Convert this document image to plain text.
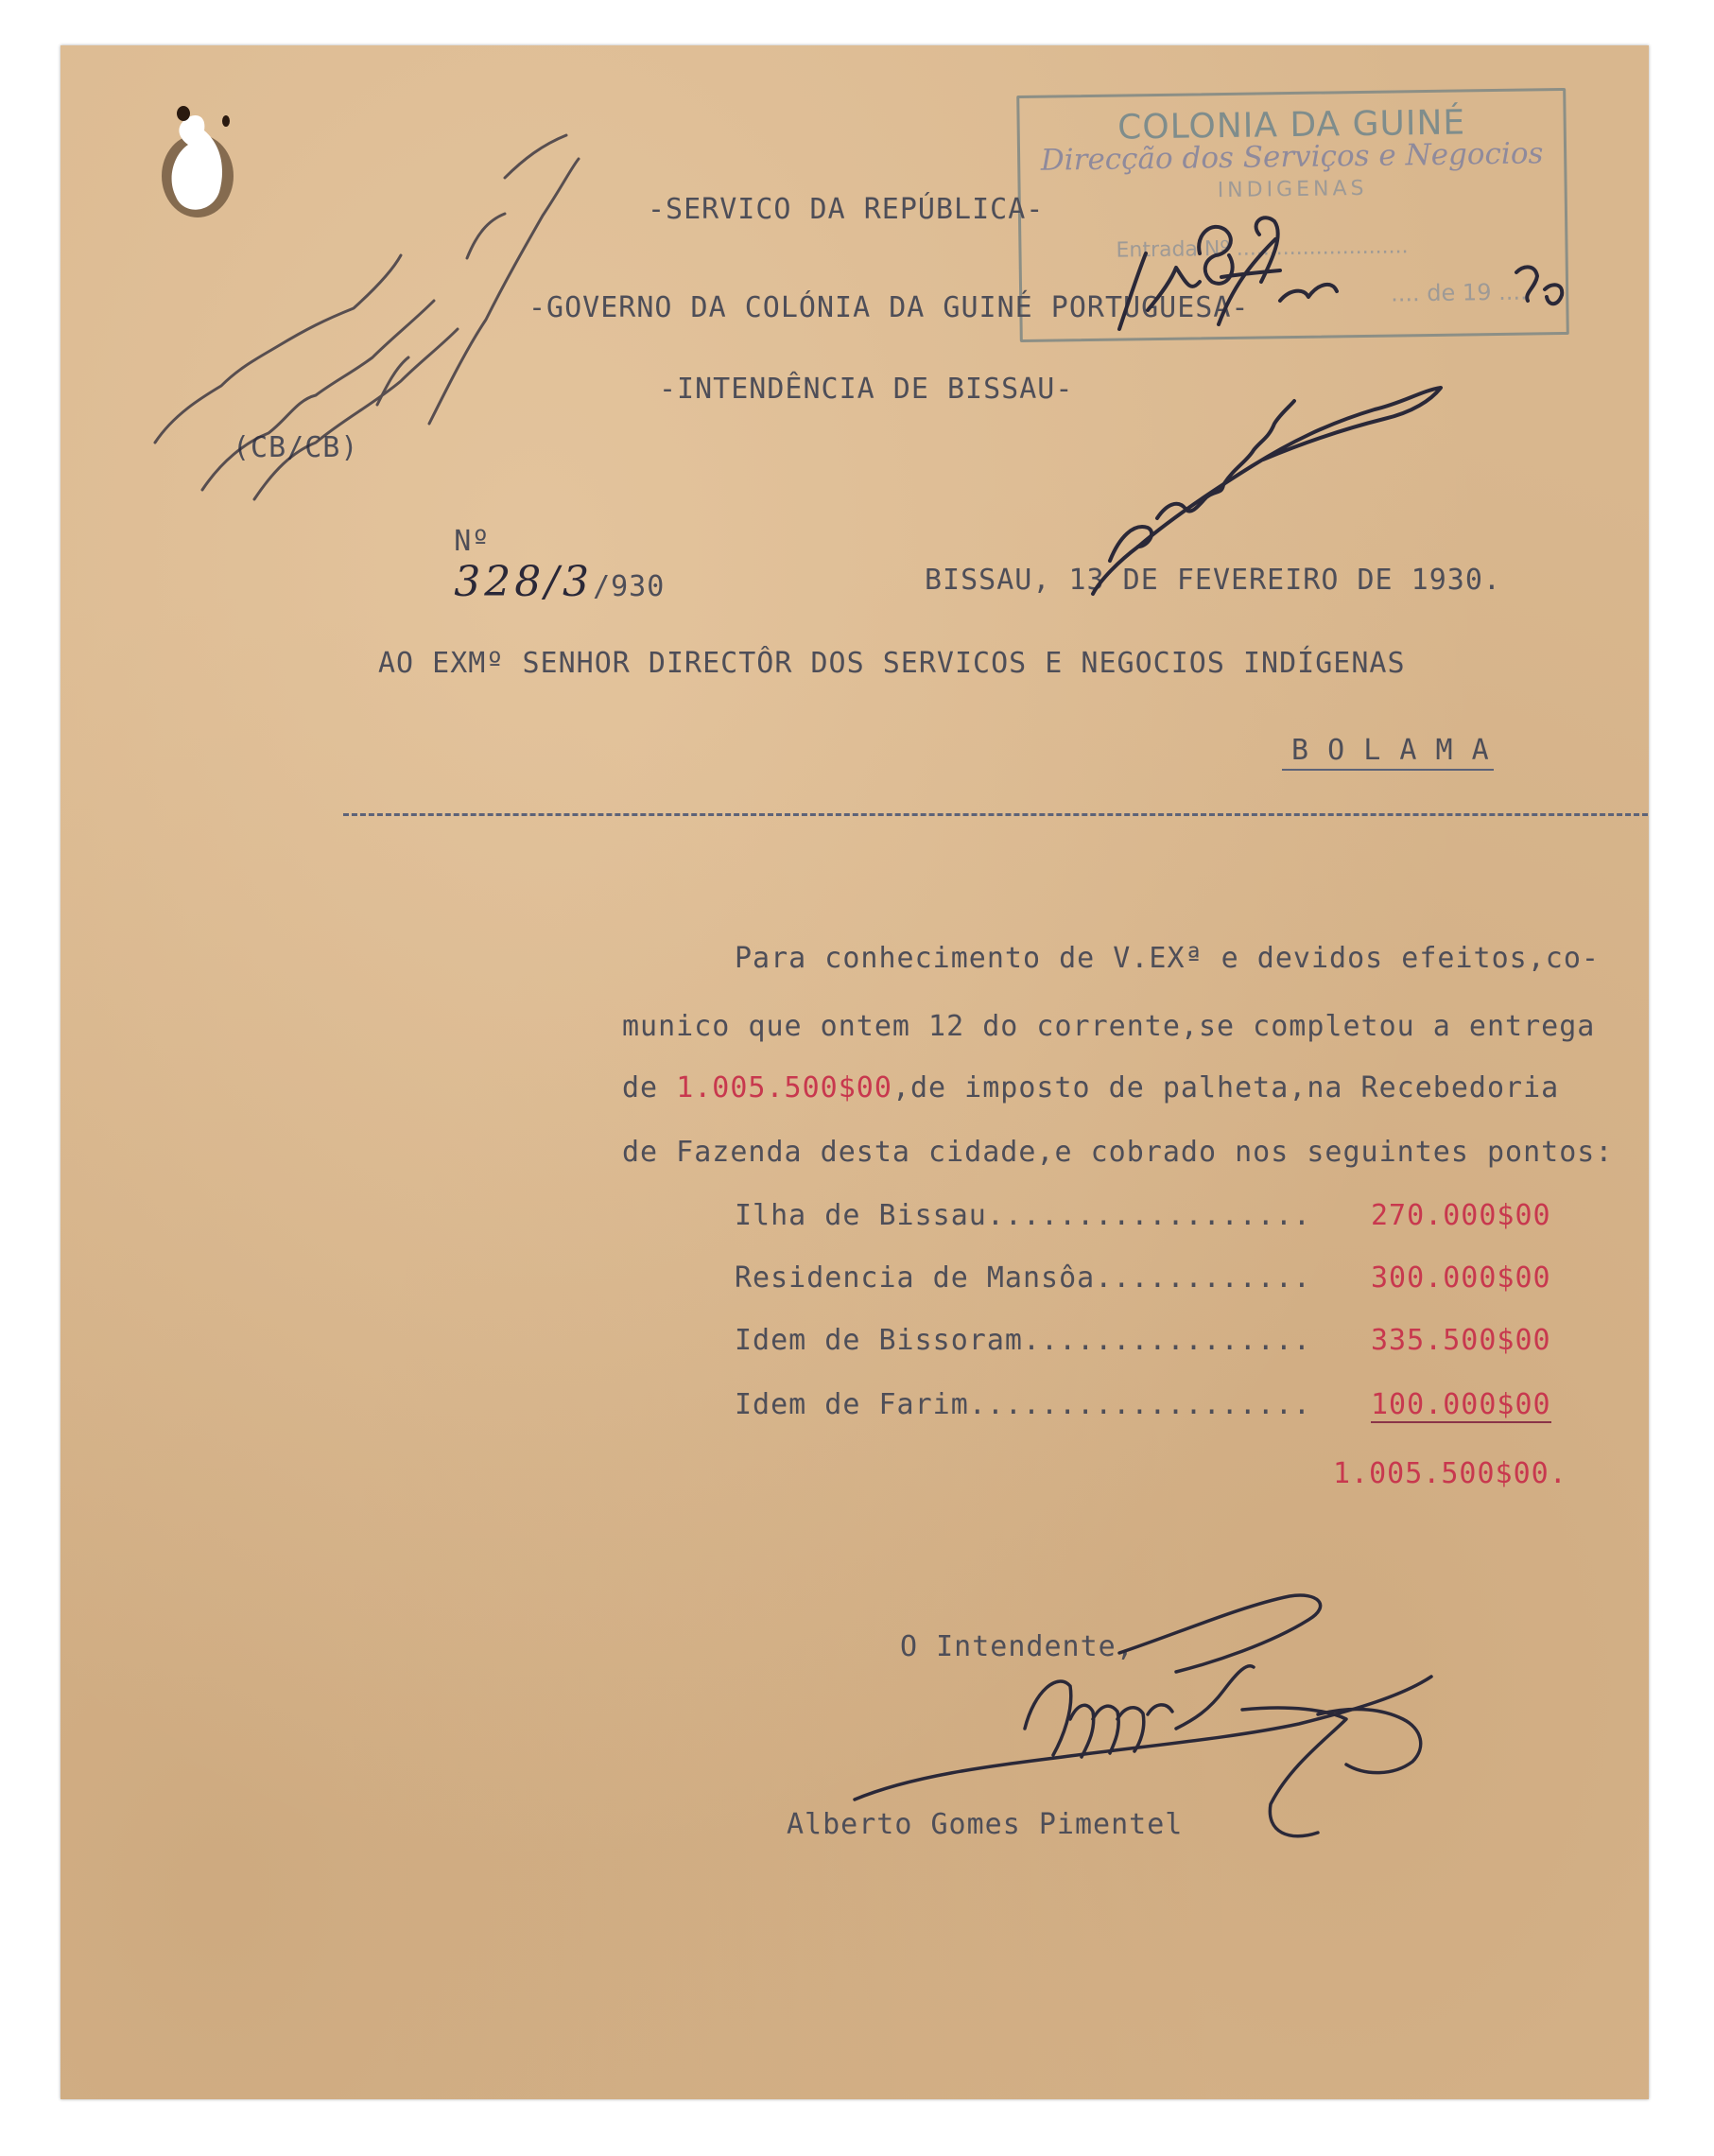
COLONIA DA GUINÉ
Direcção dos Serviços e Negocios
INDIGENAS
Entrada Nº ..........................
.... de 19 ....
-SERVICO DA REPÚBLICA-
-GOVERNO DA COLÓNIA DA GUINÉ PORTUGUESA-
-INTENDÊNCIA DE BISSAU-
(CB/CB)

Nº
328/3/930
	BISSAU, 13 DE FEVEREIRO DE 1930.
AO EXMº SENHOR DIRECTÔR DOS SERVICOS E NEGOCIOS INDÍGENAS
B O L A M A
Para conhecimento de V.EXª e devidos efeitos,co-
munico que ontem 12 do corrente,se completou a entrega
de 1.005.500$00,de imposto de palheta,na Recebedoria
de Fazenda desta cidade,e cobrado nos seguintes pontos:
Ilha de Bissau.................. 270.000$00
Residencia de Mansôa............ 300.000$00
Idem de Bissoram................ 335.500$00
Idem de Farim................... 100.000$00
1.005.500$00.
O Intendente,
Alberto Gomes Pimentel
